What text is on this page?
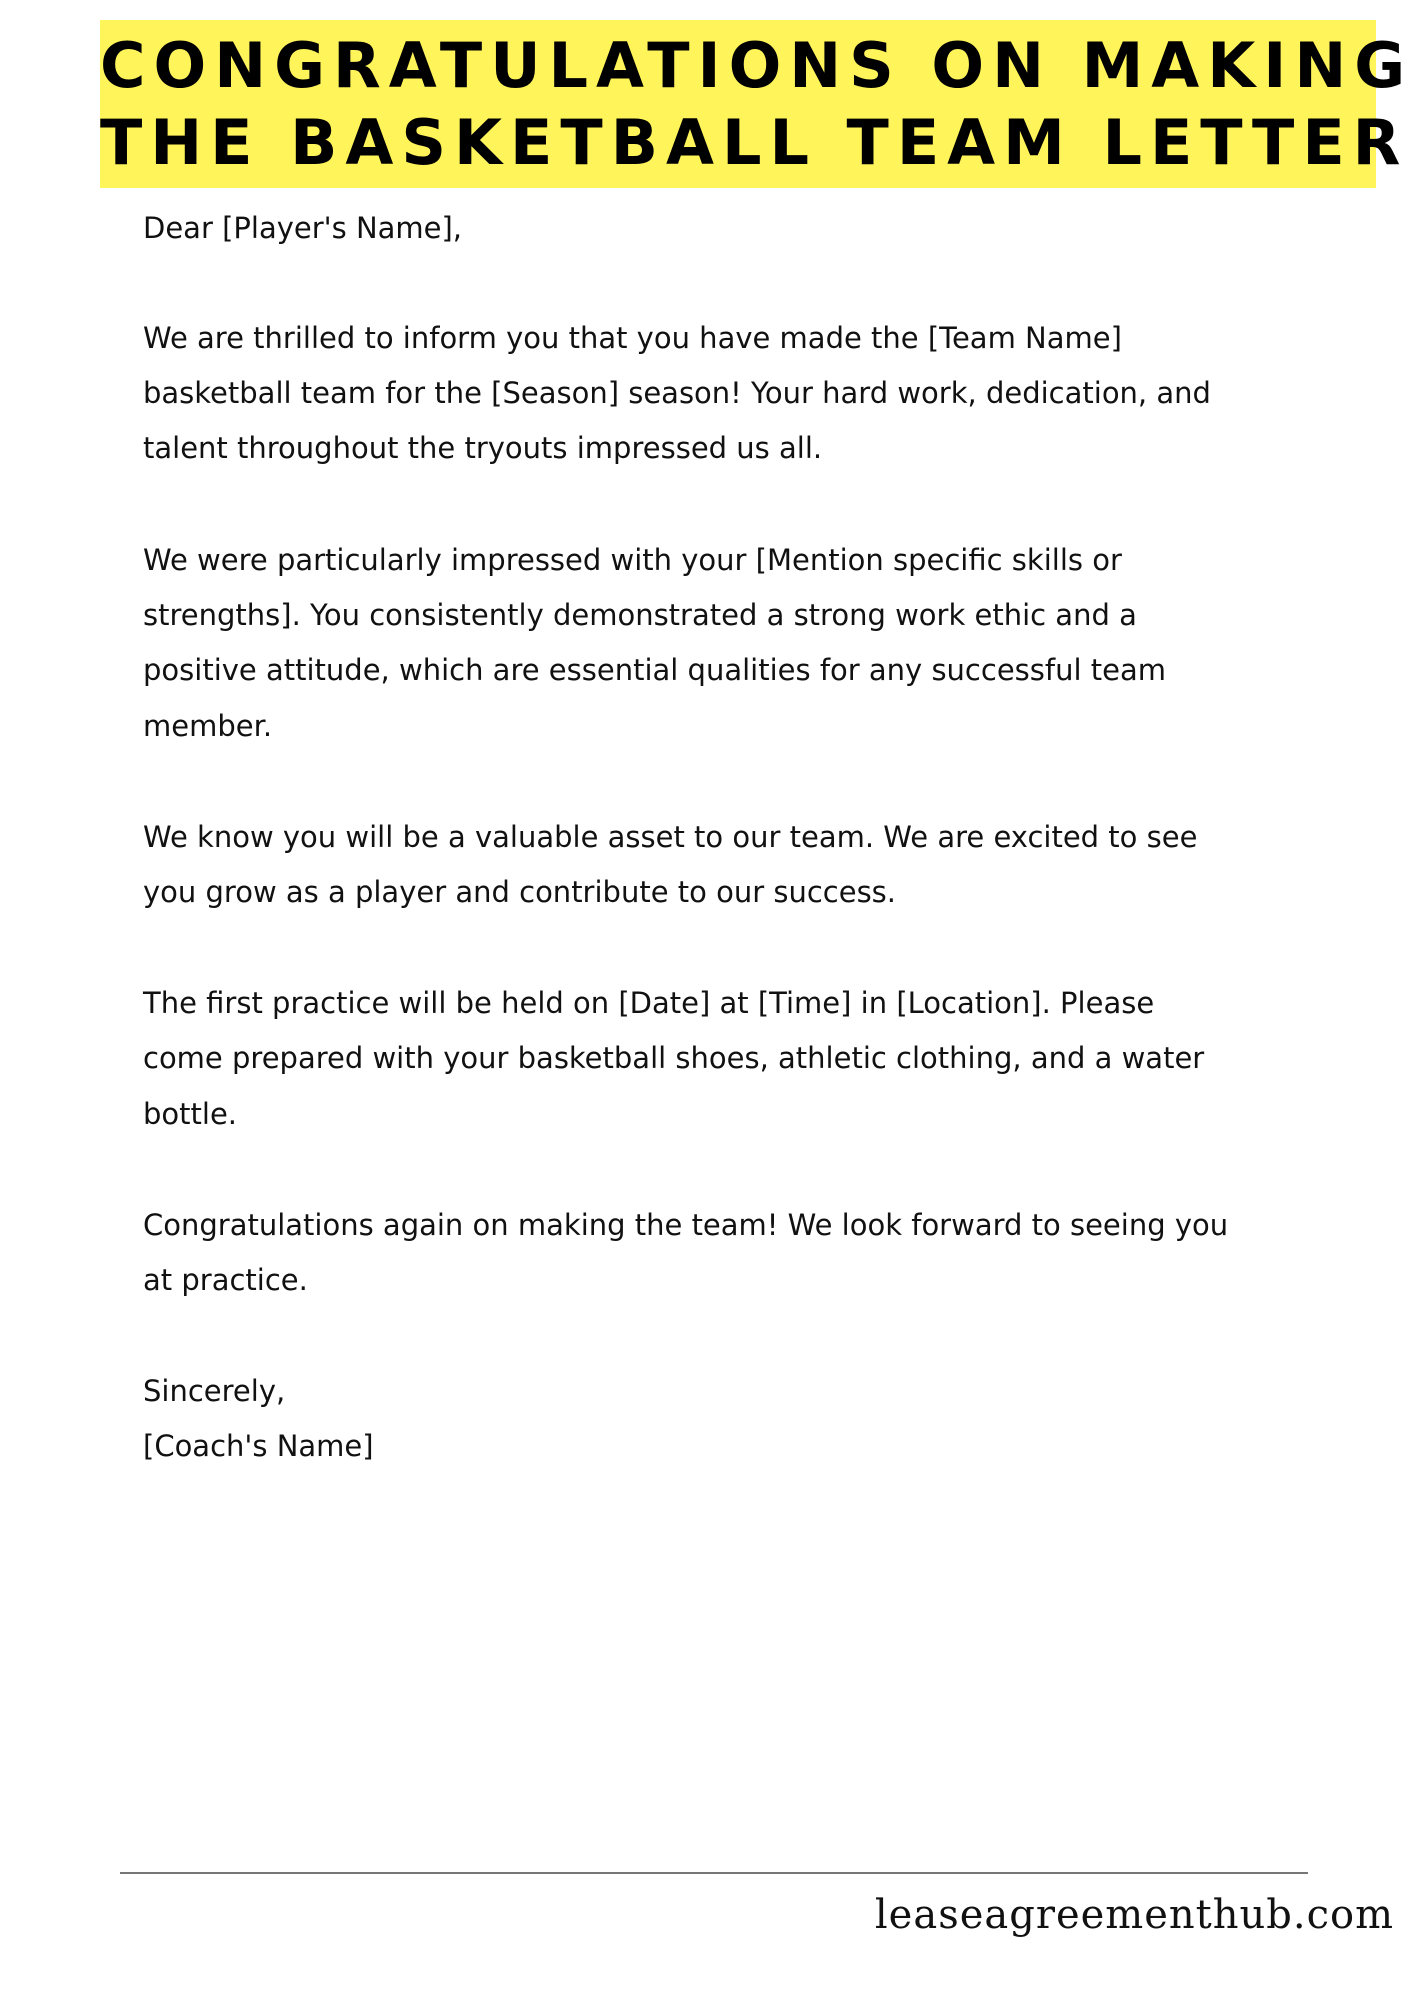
CONGRATULATIONS ON MAKING
THE BASKETBALL TEAM LETTER
Dear [Player's Name],
We are thrilled to inform you that you have made the [Team Name]
basketball team for the [Season] season! Your hard work, dedication, and
talent throughout the tryouts impressed us all.
We were particularly impressed with your [Mention specific skills or
strengths]. You consistently demonstrated a strong work ethic and a
positive attitude, which are essential qualities for any successful team
member.
We know you will be a valuable asset to our team. We are excited to see
you grow as a player and contribute to our success.
The first practice will be held on [Date] at [Time] in [Location]. Please
come prepared with your basketball shoes, athletic clothing, and a water
bottle.
Congratulations again on making the team! We look forward to seeing you
at practice.
Sincerely,
[Coach's Name]
leaseagreementhub.com
